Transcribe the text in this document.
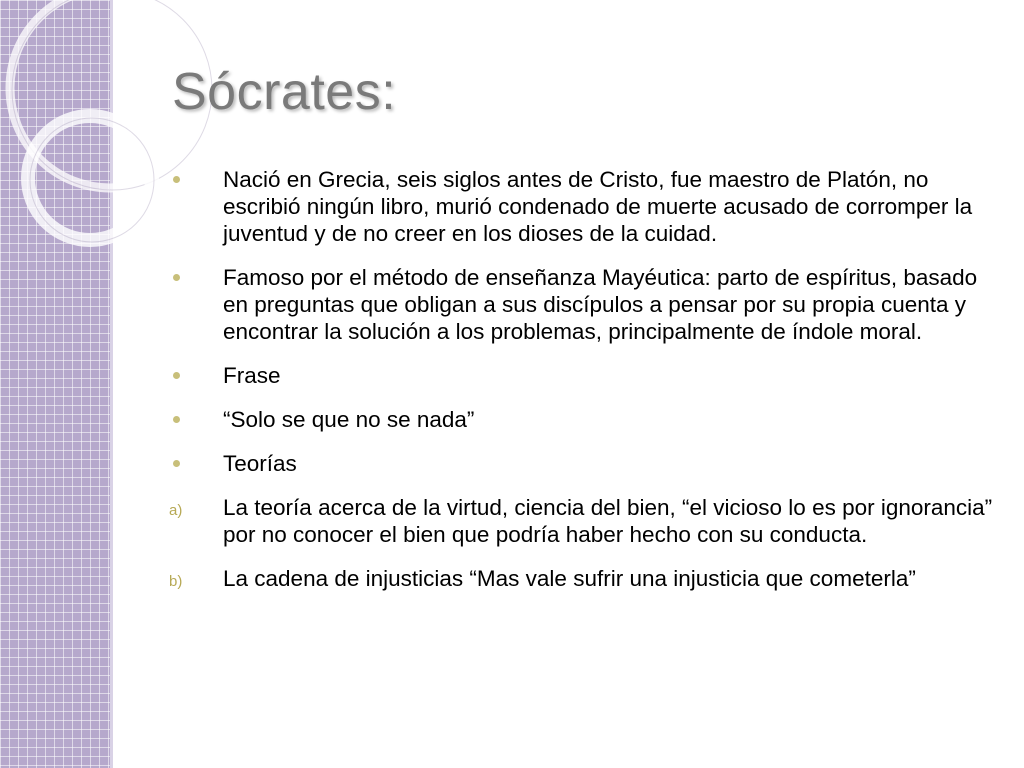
Sócrates:
Nació en Grecia, seis siglos antes de Cristo, fue maestro de Platón, no escribió ningún libro, murió condenado de muerte acusado de corromper la juventud y de no creer en los dioses de la cuidad.
Famoso por el método de enseñanza Mayéutica: parto de espíritus, basado en preguntas que obligan a sus discípulos a pensar por su propia cuenta y encontrar la solución a los problemas, principalmente de índole moral.
Frase
“Solo se que no se nada”
Teorías
a) La teoría acerca de la virtud, ciencia del bien, “el vicioso lo es por ignorancia” por no conocer el bien que podría haber hecho con su conducta.
b) La cadena de injusticias “Mas vale sufrir una injusticia que cometerla”
